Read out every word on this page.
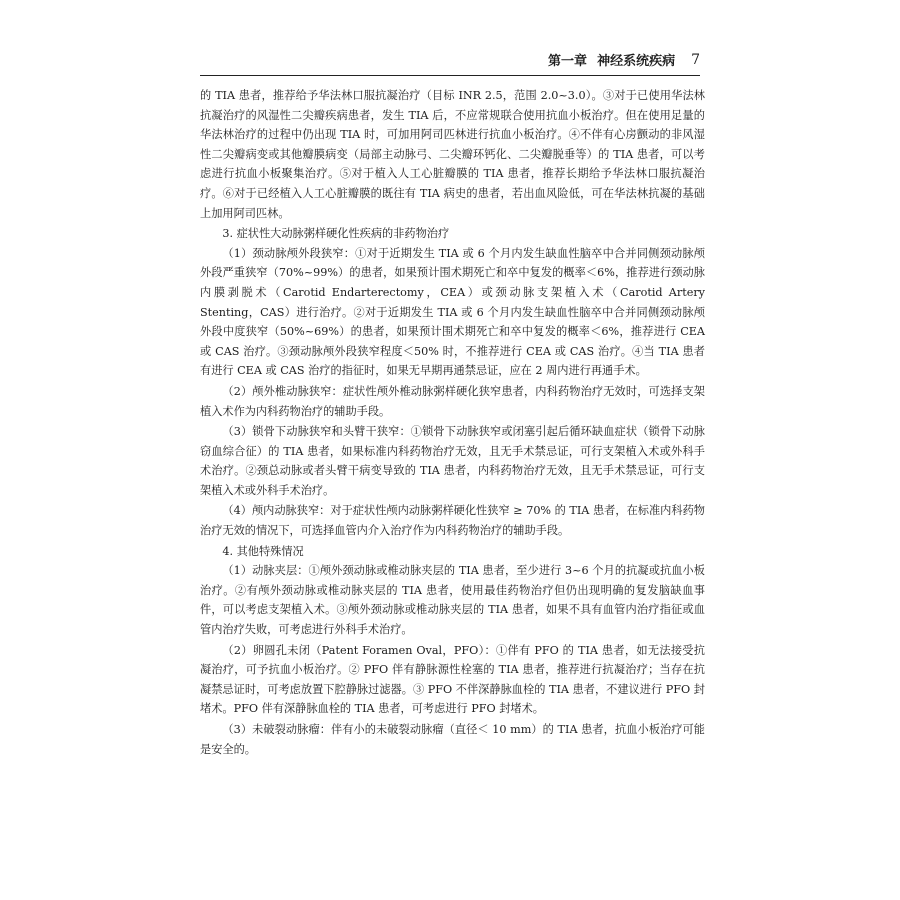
第一章 神经系统疾病 7

的 TIA 患者，推荐给予华法林口服抗凝治疗（目标 INR 2.5，范围 2.0~3.0）。③对于已使用华法林抗凝治疗的风湿性二尖瓣疾病患者，发生 TIA 后，不应常规联合使用抗血小板治疗。但在使用足量的华法林治疗的过程中仍出现 TIA 时，可加用阿司匹林进行抗血小板治疗。④不伴有心房颤动的非风湿性二尖瓣病变或其他瓣膜病变（局部主动脉弓、二尖瓣环钙化、二尖瓣脱垂等）的 TIA 患者，可以考虑进行抗血小板聚集治疗。⑤对于植入人工心脏瓣膜的 TIA 患者，推荐长期给予华法林口服抗凝治疗。⑥对于已经植入人工心脏瓣膜的既往有 TIA 病史的患者，若出血风险低，可在华法林抗凝的基础上加用阿司匹林。

3. 症状性大动脉粥样硬化性疾病的非药物治疗

（1）颈动脉颅外段狭窄：①对于近期发生 TIA 或 6 个月内发生缺血性脑卒中合并同侧颈动脉颅外段严重狭窄（70%~99%）的患者，如果预计围术期死亡和卒中复发的概率＜6%，推荐进行颈动脉内膜剥脱术（Carotid Endarterectomy，CEA）或颈动脉支架植入术（Carotid Artery Stenting，CAS）进行治疗。②对于近期发生 TIA 或 6 个月内发生缺血性脑卒中合并同侧颈动脉颅外段中度狭窄（50%~69%）的患者，如果预计围术期死亡和卒中复发的概率＜6%，推荐进行 CEA 或 CAS 治疗。③颈动脉颅外段狭窄程度＜50% 时，不推荐进行 CEA 或 CAS 治疗。④当 TIA 患者有进行 CEA 或 CAS 治疗的指征时，如果无早期再通禁忌证，应在 2 周内进行再通手术。

（2）颅外椎动脉狭窄：症状性颅外椎动脉粥样硬化狭窄患者，内科药物治疗无效时，可选择支架植入术作为内科药物治疗的辅助手段。

（3）锁骨下动脉狭窄和头臂干狭窄：①锁骨下动脉狭窄或闭塞引起后循环缺血症状（锁骨下动脉窃血综合征）的 TIA 患者，如果标准内科药物治疗无效，且无手术禁忌证，可行支架植入术或外科手术治疗。②颈总动脉或者头臂干病变导致的 TIA 患者，内科药物治疗无效，且无手术禁忌证，可行支架植入术或外科手术治疗。

（4）颅内动脉狭窄：对于症状性颅内动脉粥样硬化性狭窄 ≥ 70% 的 TIA 患者，在标准内科药物治疗无效的情况下，可选择血管内介入治疗作为内科药物治疗的辅助手段。

4. 其他特殊情况

（1）动脉夹层：①颅外颈动脉或椎动脉夹层的 TIA 患者，至少进行 3~6 个月的抗凝或抗血小板治疗。②有颅外颈动脉或椎动脉夹层的 TIA 患者，使用最佳药物治疗但仍出现明确的复发脑缺血事件，可以考虑支架植入术。③颅外颈动脉或椎动脉夹层的 TIA 患者，如果不具有血管内治疗指征或血管内治疗失败，可考虑进行外科手术治疗。

（2）卵圆孔未闭（Patent Foramen Oval，PFO）：①伴有 PFO 的 TIA 患者，如无法接受抗凝治疗，可予抗血小板治疗。② PFO 伴有静脉源性栓塞的 TIA 患者，推荐进行抗凝治疗；当存在抗凝禁忌证时，可考虑放置下腔静脉过滤器。③ PFO 不伴深静脉血栓的 TIA 患者，不建议进行 PFO 封堵术。PFO 伴有深静脉血栓的 TIA 患者，可考虑进行 PFO 封堵术。

（3）未破裂动脉瘤：伴有小的未破裂动脉瘤（直径＜ 10 mm）的 TIA 患者，抗血小板治疗可能是安全的。
